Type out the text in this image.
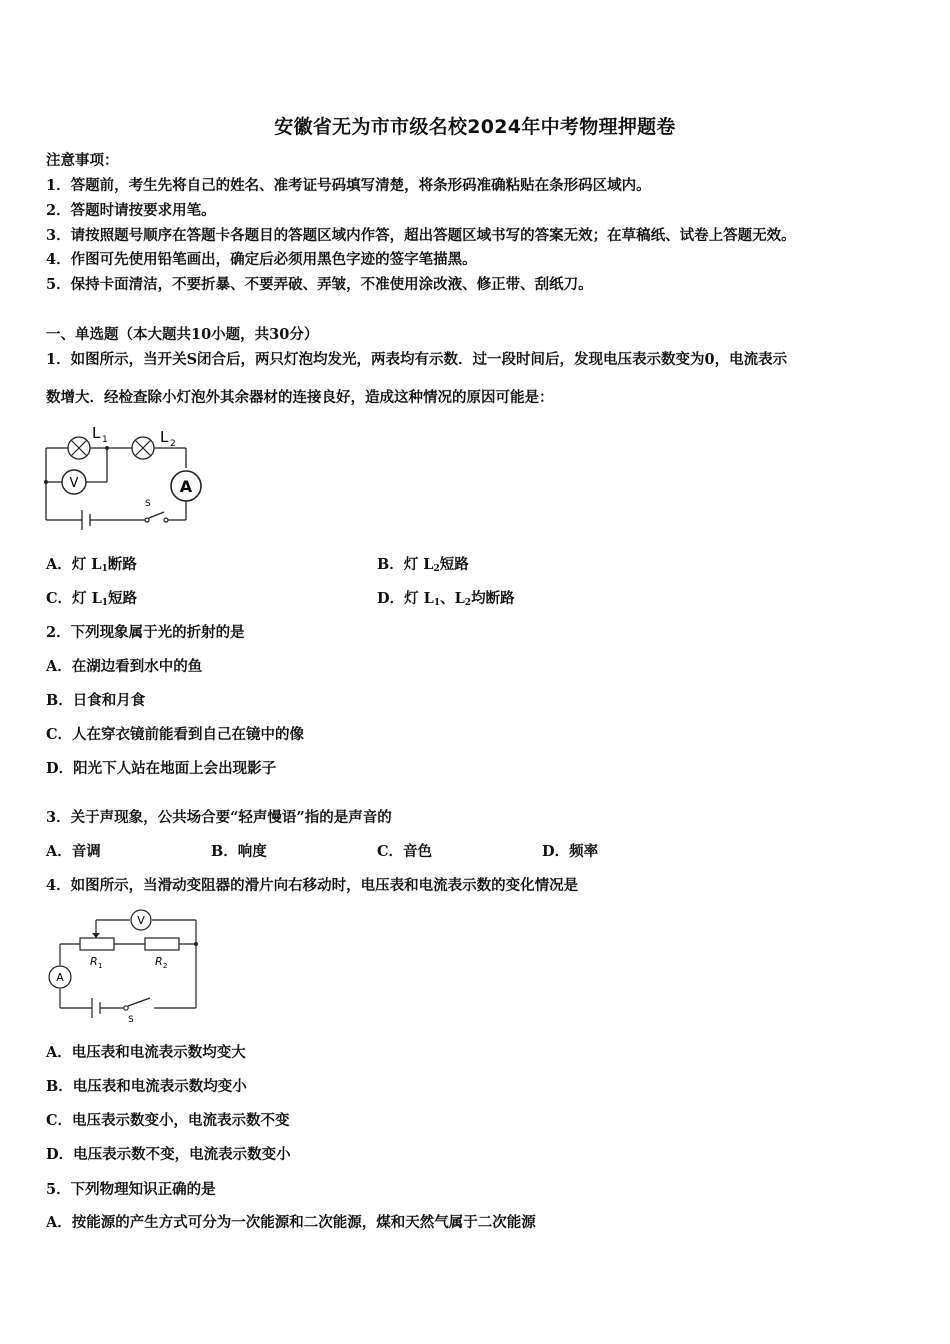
安徽省无为市市级名校2024年中考物理押题卷
注意事项：
1．答题前，考生先将自己的姓名、准考证号码填写清楚，将条形码准确粘贴在条形码区域内。
2．答题时请按要求用笔。
3．请按照题号顺序在答题卡各题目的答题区域内作答，超出答题区域书写的答案无效；在草稿纸、试卷上答题无效。
4．作图可先使用铅笔画出，确定后必须用黑色字迹的签字笔描黑。
5．保持卡面清洁，不要折暴、不要弄破、弄皱，不准使用涂改液、修正带、刮纸刀。
一、单选题（本大题共10小题，共30分）
1．如图所示，当开关S闭合后，两只灯泡均发光，两表均有示数．过一段时间后，发现电压表示数变为0，电流表示
数增大．经检查除小灯泡外其余器材的连接良好，造成这种情况的原因可能是：
V	A
L 1	L 2
S
A．灯 $L_1$断路	B．灯 $L_2$短路
C．灯 $L_1$短路	D．灯 $L_1$、$L_2$均断路
2．下列现象属于光的折射的是
A．在湖边看到水中的鱼
B．日食和月食
C．人在穿衣镜前能看到自己在镜中的像
D．阳光下人站在地面上会出现影子
3．关于声现象，公共场合要“轻声慢语”指的是声音的
A．音调	B．响度	C．音色	D．频率
4．如图所示，当滑动变阻器的滑片向右移动时，电压表和电流表示数的变化情况是
V
A
R 1	R 2
S
A．电压表和电流表示数均变大
B．电压表和电流表示数均变小
C．电压表示数变小，电流表示数不变
D．电压表示数不变，电流表示数变小
5．下列物理知识正确的是
A．按能源的产生方式可分为一次能源和二次能源，煤和天然气属于二次能源
